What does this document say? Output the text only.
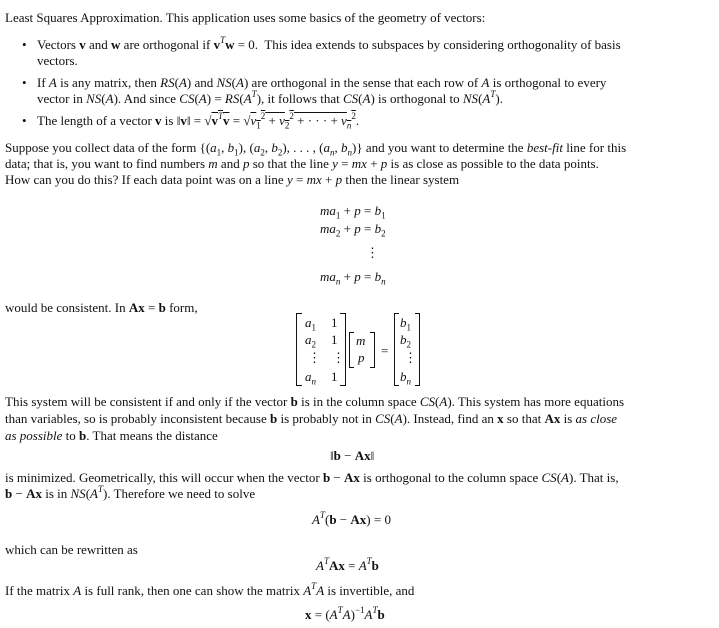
Least Squares Approximation. This application uses some basics of the geometry of vectors:
• Vectors v and w are orthogonal if $v^Tw = 0$.  This idea extends to subspaces by considering orthogonality of basis
vectors.
• If A is any matrix, then RS(A) and NS(A) are orthogonal in the sense that each row of A is orthogonal to every
vector in NS(A). And since $CS(A) = RS(A^T)$, it follows that CS(A) is orthogonal to $NS(A^T)$.
• The length of a vector v is ‖v‖ = $√v^Tv = √v_1^2 + v_2^2$ + · · · + $v_n^2$.
Suppose you collect data of the form {($a_1$, $b_1$), ($a_2$, $b_2$), . . . , ($a_n$, $b_n$)} and you want to determine the best-fit line for this
data; that is, you want to find numbers m and p so that the line y = mx + p is as close as possible to the data points.
How can you do this? If each data point was on a line y = mx + p then the linear system
$ma_1 + p = b_1$
$ma_2 + p = b_2$
⋮
$ma_n + p = b_n$
would be consistent. In Ax = b form,
$a_1$ 1
$a_2$ 1
⋮ ⋮
$a_n$ 1
m
p =
$b_1$
$b_2$
⋮
$b_n$
This system will be consistent if and only if the vector b is in the column space CS(A). This system has more equations
than variables, so is probably inconsistent because b is probably not in CS(A). Instead, find an x so that Ax is as close
as possible to b. That means the distance
‖b − Ax‖
is minimized. Geometrically, this will occur when the vector b − Ax is orthogonal to the column space CS(A). That is,
b − Ax is in $NS(A^T)$. Therefore we need to solve
$A^T(b - Ax) = 0$
which can be rewritten as
$A^TAx = A^Tb$
If the matrix A is full rank, then one can show the matrix $A^TA$ is invertible, and
$x = (A^TA)^{-1}A^Tb$
